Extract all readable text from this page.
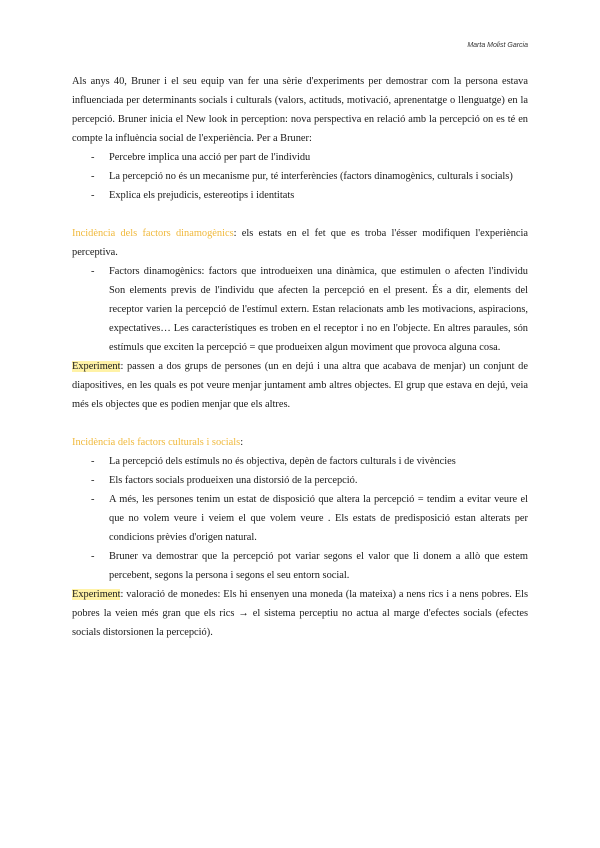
Marta Molist Garcia

Als anys 40, Bruner i el seu equip van fer una sèrie d'experiments per demostrar com la persona estava influenciada per determinants socials i culturals (valors, actituds, motivació, aprenentatge o llenguatge) en la percepció. Bruner inicia el New look in perception: nova perspectiva en relació amb la percepció on es té en compte la influència social de l'experiència. Per a Bruner:

- Percebre implica una acció per part de l'individu
- La percepció no és un mecanisme pur, té interferències (factors dinamogènics, culturals i socials)
- Explica els prejudicis, estereotips i identitats

Incidència dels factors dinamogènics: els estats en el fet que es troba l'ésser modifiquen l'experiència perceptiva.

- Factors dinamogènics: factors que introdueixen una dinàmica, que estimulen o afecten l'individu Son elements previs de l'individu que afecten la percepció en el present. És a dir, elements del receptor varien la percepció de l'estímul extern. Estan relacionats amb les motivacions, aspiracions, expectatives… Les característiques es troben en el receptor i no en l'objecte. En altres paraules, són estímuls que exciten la percepció = que produeixen algun moviment que provoca alguna cosa.

Experiment: passen a dos grups de persones (un en dejú i una altra que acabava de menjar) un conjunt de diapositives, en les quals es pot veure menjar juntament amb altres objectes. El grup que estava en dejú, veia més els objectes que es podien menjar que els altres.

Incidència dels factors culturals i socials:

- La percepció dels estímuls no és objectiva, depèn de factors culturals i de vivències
- Els factors socials produeixen una distorsió de la percepció.
- A més, les persones tenim un estat de disposició que altera la percepció = tendim a evitar veure el que no volem veure i veiem el que volem veure . Els estats de predisposició estan alterats per condicions prèvies d'origen natural.
- Bruner va demostrar que la percepció pot variar segons el valor que li donem a allò que estem percebent, segons la persona i segons el seu entorn social.

Experiment: valoració de monedes: Els hi ensenyen una moneda (la mateixa) a nens rics i a nens pobres. Els pobres la veien més gran que els rics → el sistema perceptiu no actua al marge d'efectes socials (efectes socials distorsionen la percepció).
